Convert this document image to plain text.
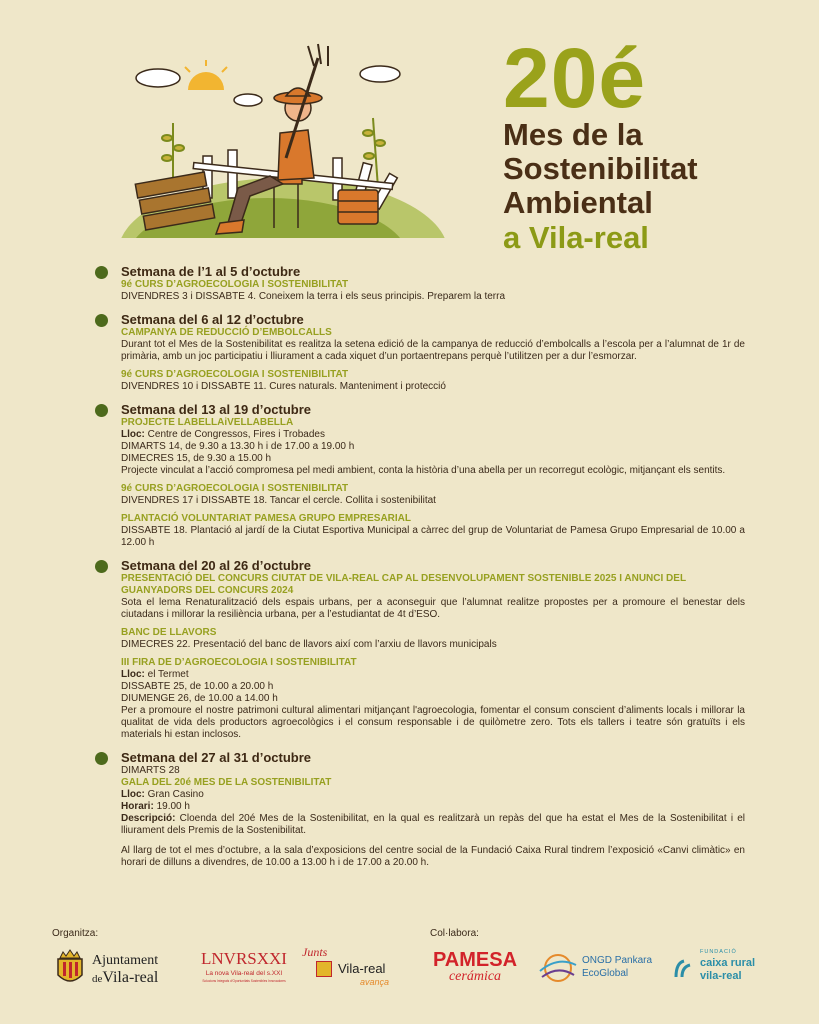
20é
Mes de la
Sostenibilitat
Ambiental
a Vila-real
Setmana de l’1 al 5 d’octubre
9é CURS D’AGROECOLOGIA I SOSTENIBILITAT
DIVENDRES 3 i DISSABTE 4. Coneixem la terra i els seus principis. Preparem la terra
Setmana del 6 al 12 d’octubre
CAMPANYA DE REDUCCIÓ D’EMBOLCALLS
Durant tot el Mes de la Sostenibilitat es realitza la setena edició de la campanya de reducció d’embolcalls a l’escola per a l’alumnat de 1r de primària, amb un joc participatiu i lliurament a cada xiquet d’un portaentrepans perquè l’utilitzen per a dur l’esmorzar.
9é CURS D’AGROECOLOGIA I SOSTENIBILITAT
DIVENDRES 10 i DISSABTE 11. Cures naturals. Manteniment i protecció
Setmana del 13 al 19 d’octubre
PROJECTE LABELLAiVELLABELLA
Lloc: Centre de Congressos, Fires i Trobades
DIMARTS 14, de 9.30 a 13.30 h i de 17.00 a 19.00 h
DIMECRES 15, de 9.30 a 15.00 h
Projecte vinculat a l’acció compromesa pel medi ambient, conta la història d’una abella per un recorregut ecològic, mitjançant els sentits.
9é CURS D’AGROECOLOGIA I SOSTENIBILITAT
DIVENDRES 17 i DISSABTE 18. Tancar el cercle. Collita i sostenibilitat
PLANTACIÓ VOLUNTARIAT PAMESA GRUPO EMPRESARIAL
DISSABTE 18. Plantació al jardí de la Ciutat Esportiva Municipal a càrrec del grup de Voluntariat de Pamesa Grupo Empresarial de 10.00 a 12.00 h
Setmana del 20 al 26 d’octubre
PRESENTACIÓ DEL CONCURS CIUTAT DE VILA-REAL CAP AL DESENVOLUPAMENT SOSTENIBLE 2025 I ANUNCI DEL GUANYADORS DEL CONCURS 2024
Sota el lema Renaturalització dels espais urbans, per a aconseguir que l’alumnat realitze propostes per a promoure el benestar dels ciutadans i millorar la resiliència urbana, per a l’estudiantat de 4t d’ESO.
BANC DE LLAVORS
DIMECRES 22. Presentació del banc de llavors així com l’arxiu de llavors municipals
III FIRA DE D’AGROECOLOGIA I SOSTENIBILITAT
Lloc: el Termet
DISSABTE 25, de 10.00 a 20.00 h
DIUMENGE 26, de 10.00 a 14.00 h
Per a promoure el nostre patrimoni cultural alimentari mitjançant l'agroecologia, fomentar el consum conscient d’aliments locals i millorar la qualitat de vida dels productors agroecològics i el consum responsable i de quilòmetre zero. Tots els tallers i teatre són gratuïts i els materials hi estan inclosos.
Setmana del 27 al 31 d’octubre
DIMARTS 28
GALA DEL 20é MES DE LA SOSTENIBILITAT
Lloc: Gran Casino
Horari: 19.00 h
Descripció: Cloenda del 20é Mes de la Sostenibilitat, en la qual es realitzarà un repàs del que ha estat el Mes de la Sostenibilitat i el lliurament dels Premis de la Sostenibilitat.
Al llarg de tot el mes d’octubre, a la sala d’exposicions del centre social de la Fundació Caixa Rural tindrem l’exposició «Canvi climàtic» en horari de dilluns a divendres, de 10.00 a 13.00 h i de 17.00 a 20.00 h.
Organitza:	Col·labora:
Ajuntament
deVila-real
LNVRSXXI
La nova Vila-real del s.XXI
Solucions Integrals d'Oportunitats Sostenibles Innovadores
Junts
Vila-real
avança
PAMESA
cerámica
ONGD Pankara
EcoGlobal
FUNDACIÓ
caixa rural
vila-real
